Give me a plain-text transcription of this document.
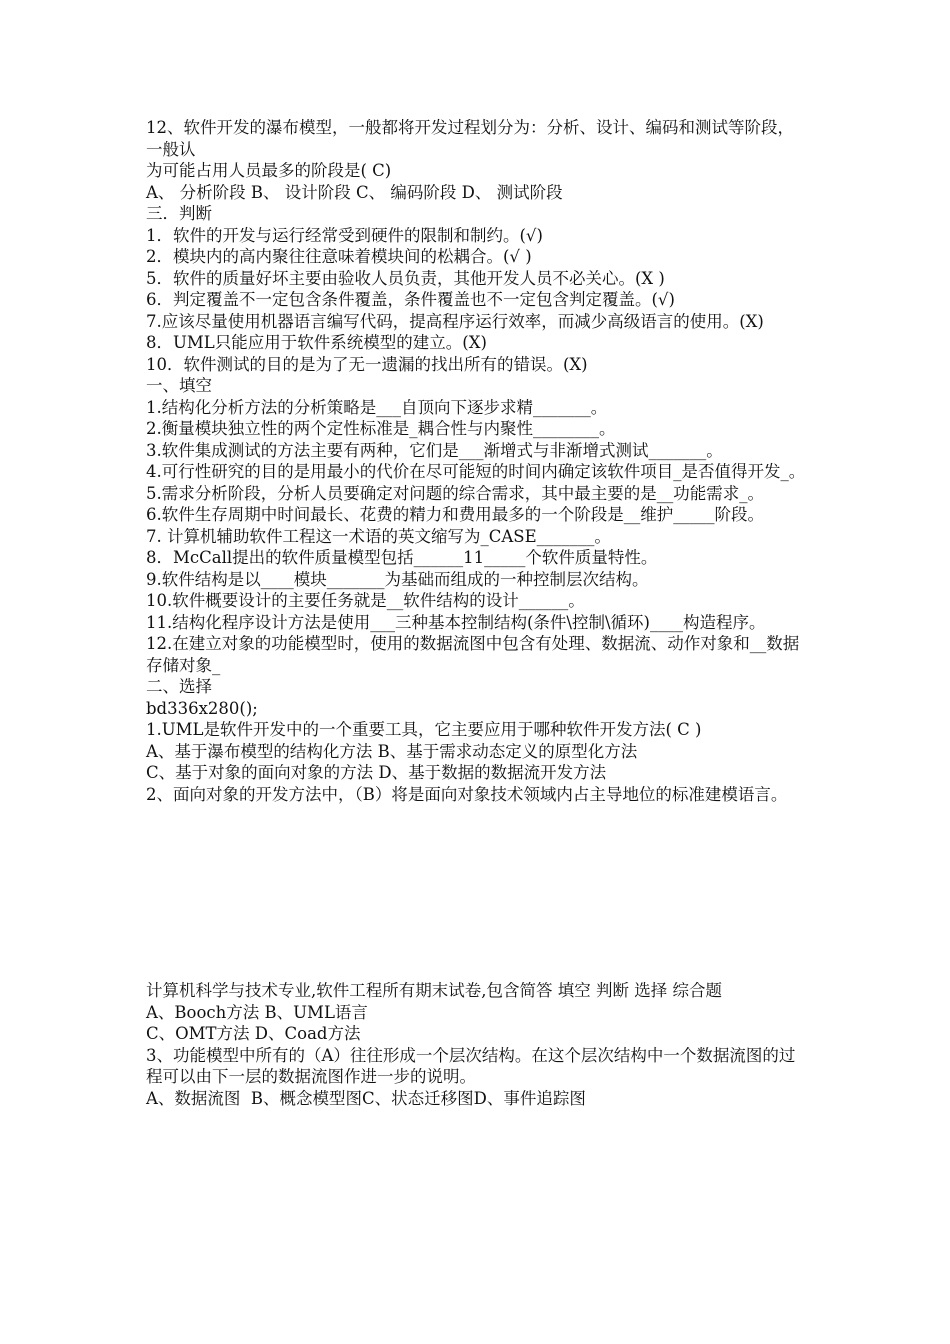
12、软件开发的瀑布模型，一般都将开发过程划分为：分析、设计、编码和测试等阶段，一般认
为可能占用人员最多的阶段是( C)
A、 分析阶段 B、 设计阶段 C、 编码阶段 D、 测试阶段
三．判断
1．软件的开发与运行经常受到硬件的限制和制约。(√)
2．模块内的高内聚往往意味着模块间的松耦合。(√ )
5．软件的质量好坏主要由验收人员负责，其他开发人员不必关心。(X )
6．判定覆盖不一定包含条件覆盖，条件覆盖也不一定包含判定覆盖。(√)
7.应该尽量使用机器语言编写代码，提高程序运行效率，而减少高级语言的使用。(X)
8．UML只能应用于软件系统模型的建立。(X)
10．软件测试的目的是为了无一遗漏的找出所有的错误。(X)
一、填空
1.结构化分析方法的分析策略是___自顶向下逐步求精_______。
2.衡量模块独立性的两个定性标准是_耦合性与内聚性________。
3.软件集成测试的方法主要有两种，它们是___渐增式与非渐增式测试_______。
4.可行性研究的目的是用最小的代价在尽可能短的时间内确定该软件项目_是否值得开发_。
5.需求分析阶段，分析人员要确定对问题的综合需求，其中最主要的是__功能需求_。
6.软件生存周期中时间最长、花费的精力和费用最多的一个阶段是__维护_____阶段。
7. 计算机辅助软件工程这一术语的英文缩写为_CASE_______。
8．McCall提出的软件质量模型包括______11_____个软件质量特性。
9.软件结构是以____模块_______为基础而组成的一种控制层次结构。
10.软件概要设计的主要任务就是__软件结构的设计______。
11.结构化程序设计方法是使用___三种基本控制结构(条件\控制\循环)____构造程序。
12.在建立对象的功能模型时，使用的数据流图中包含有处理、数据流、动作对象和__数据存储对象_
二、选择
bd336x280();
1.UML是软件开发中的一个重要工具，它主要应用于哪种软件开发方法( C )
A、基于瀑布模型的结构化方法 B、基于需求动态定义的原型化方法
C、基于对象的面向对象的方法 D、基于数据的数据流开发方法
2、面向对象的开发方法中，（B）将是面向对象技术领域内占主导地位的标准建模语言。
计算机科学与技术专业,软件工程所有期末试卷,包含简答 填空 判断 选择 综合题
A、Booch方法 B、UML语言
C、OMT方法 D、Coad方法
3、功能模型中所有的（A）往往形成一个层次结构。在这个层次结构中一个数据流图的过程可以由下一层的数据流图作进一步的说明。
A、数据流图  B、概念模型图C、状态迁移图D、事件追踪图
